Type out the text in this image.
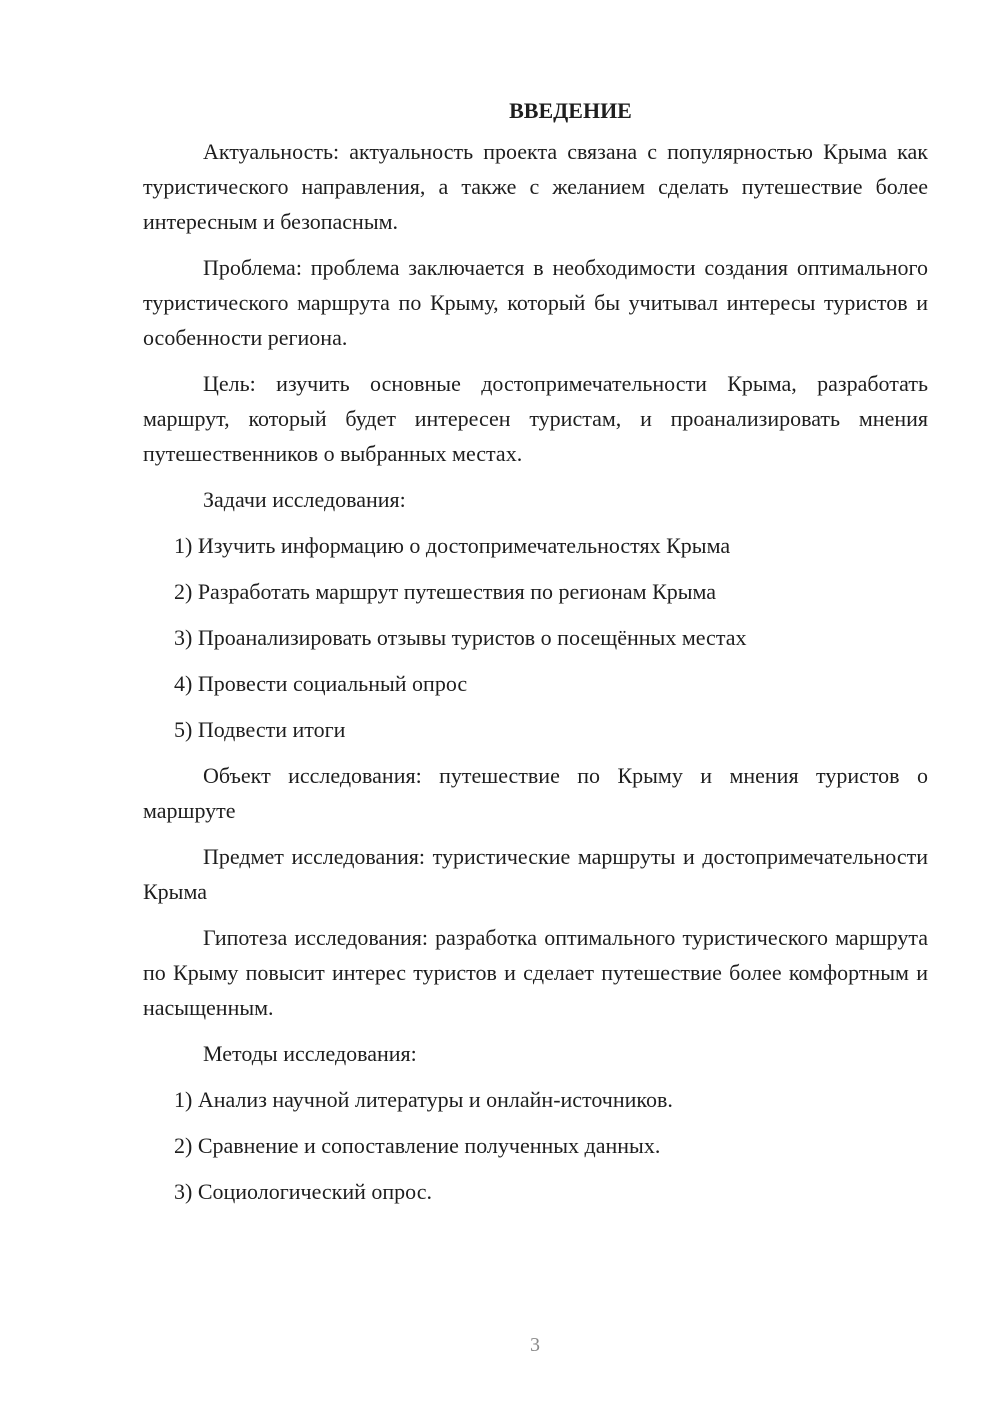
ВВЕДЕНИЕ

Актуальность: актуальность проекта связана с популярностью Крыма как туристического направления, а также с желанием сделать путешествие более интересным и безопасным.

Проблема: проблема заключается в необходимости создания оптимального туристического маршрута по Крыму, который бы учитывал интересы туристов и особенности региона.

Цель: изучить основные достопримечательности Крыма, разработать маршрут, который будет интересен туристам, и проанализировать мнения путешественников о выбранных местах.

Задачи исследования:

1) Изучить информацию о достопримечательностях Крыма
2) Разработать маршрут путешествия по регионам Крыма
3) Проанализировать отзывы туристов о посещённых местах
4) Провести социальный опрос
5) Подвести итоги

Объект исследования: путешествие по Крыму и мнения туристов о маршруте

Предмет исследования: туристические маршруты и достопримечательности Крыма

Гипотеза исследования: разработка оптимального туристического маршрута по Крыму повысит интерес туристов и сделает путешествие более комфортным и насыщенным.

Методы исследования:

1) Анализ научной литературы и онлайн-источников.
2) Сравнение и сопоставление полученных данных.
3) Социологический опрос.
3
